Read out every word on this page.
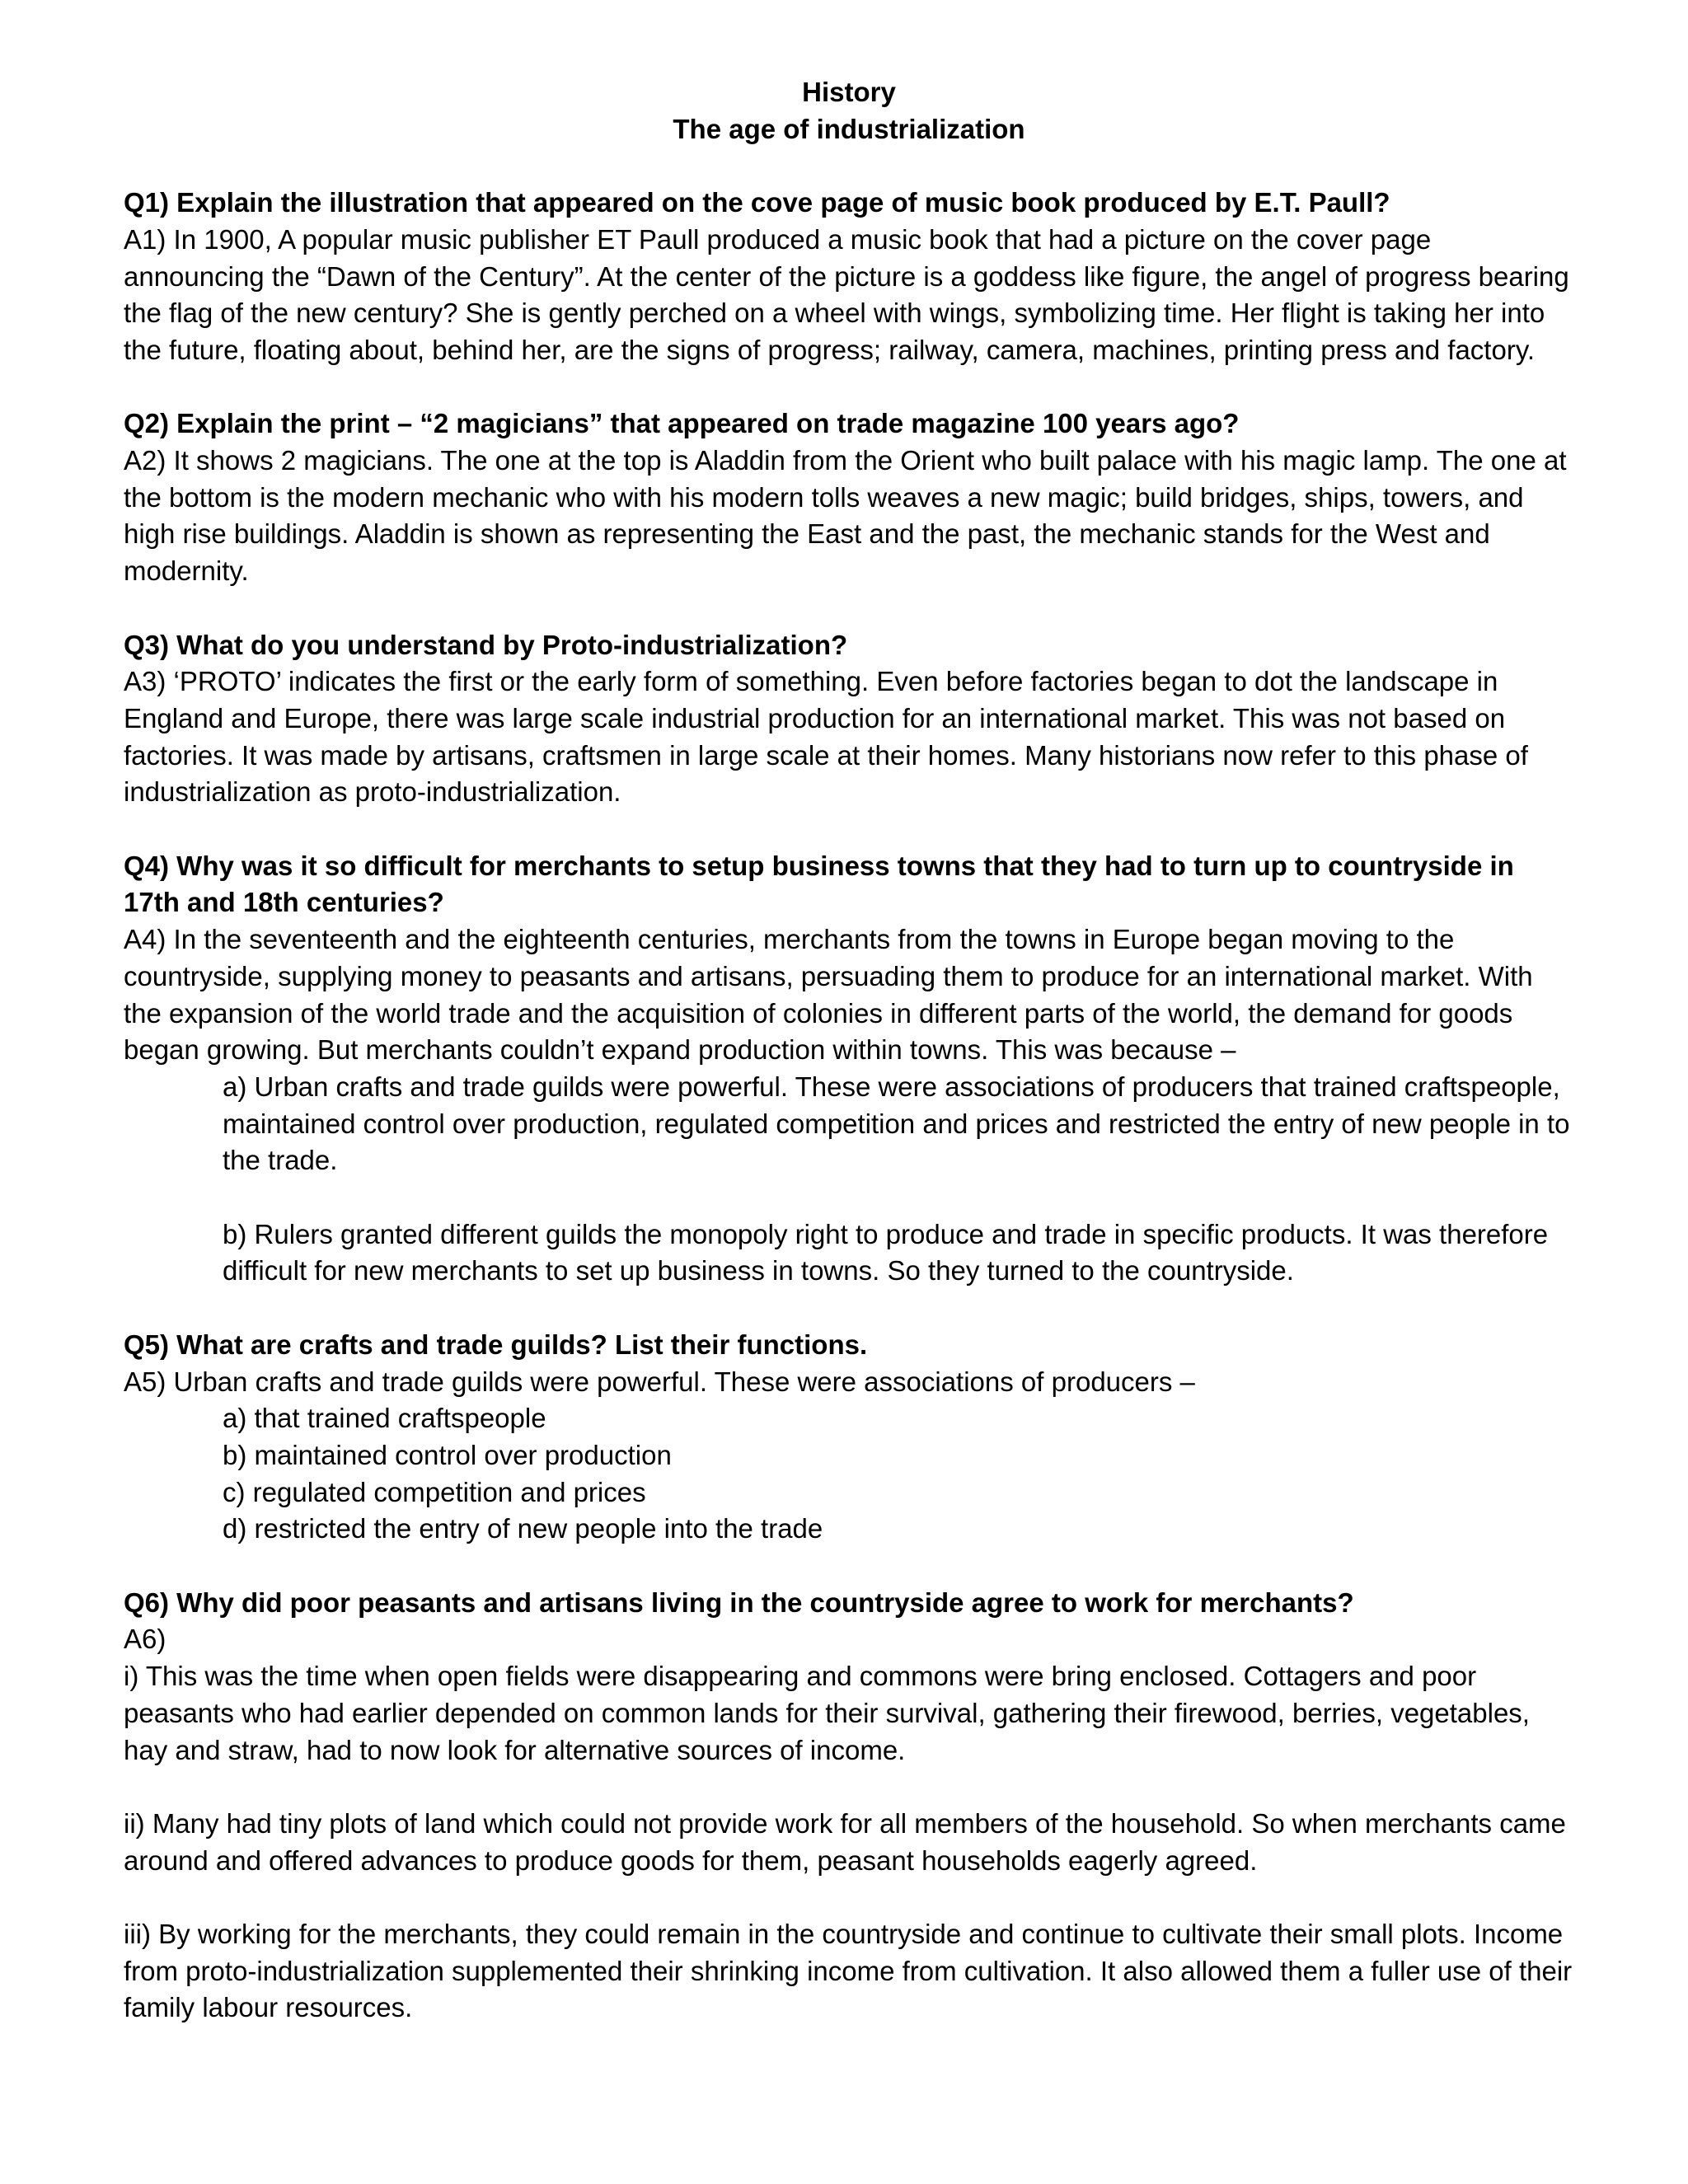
History
The age of industrialization
Q1) Explain the illustration that appeared on the cove page of music book produced by E.T. Paull?
A1) In 1900, A popular music publisher ET Paull produced a music book that had a picture on the cover page announcing the “Dawn of the Century”. At the center of the picture is a goddess like figure, the angel of progress bearing the flag of the new century? She is gently perched on a wheel with wings, symbolizing time. Her flight is taking her into the future, floating about, behind her, are the signs of progress; railway, camera, machines, printing press and factory.
Q2) Explain the print – “2 magicians” that appeared on trade magazine 100 years ago?
A2) It shows 2 magicians. The one at the top is Aladdin from the Orient who built palace with his magic lamp. The one at the bottom is the modern mechanic who with his modern tolls weaves a new magic; build bridges, ships, towers, and high rise buildings. Aladdin is shown as representing the East and the past, the mechanic stands for the West and modernity.
Q3) What do you understand by Proto-industrialization?
A3) ‘PROTO’ indicates the first or the early form of something. Even before factories began to dot the landscape in England and Europe, there was large scale industrial production for an international market. This was not based on factories. It was made by artisans, craftsmen in large scale at their homes. Many historians now refer to this phase of industrialization as proto-industrialization.
Q4) Why was it so difficult for merchants to setup business towns that they had to turn up to countryside in 17th and 18th centuries?
A4) In the seventeenth and the eighteenth centuries, merchants from the towns in Europe began moving to the countryside, supplying money to peasants and artisans, persuading them to produce for an international market. With the expansion of the world trade and the acquisition of colonies in different parts of the world, the demand for goods began growing. But merchants couldn’t expand production within towns. This was because –
a) Urban crafts and trade guilds were powerful. These were associations of producers that trained craftspeople, maintained control over production, regulated competition and prices and restricted the entry of new people in to the trade.
b) Rulers granted different guilds the monopoly right to produce and trade in specific products. It was therefore difficult for new merchants to set up business in towns. So they turned to the countryside.
Q5) What are crafts and trade guilds? List their functions.
A5) Urban crafts and trade guilds were powerful. These were associations of producers –
a) that trained craftspeople
b) maintained control over production
c) regulated competition and prices
d) restricted the entry of new people into the trade
Q6) Why did poor peasants and artisans living in the countryside agree to work for merchants?
A6)
i) This was the time when open fields were disappearing and commons were bring enclosed. Cottagers and poor peasants who had earlier depended on common lands for their survival, gathering their firewood, berries, vegetables, hay and straw, had to now look for alternative sources of income.
ii) Many had tiny plots of land which could not provide work for all members of the household. So when merchants came around and offered advances to produce goods for them, peasant households eagerly agreed.
iii) By working for the merchants, they could remain in the countryside and continue to cultivate their small plots. Income from proto-industrialization supplemented their shrinking income from cultivation. It also allowed them a fuller use of their family labour resources.
